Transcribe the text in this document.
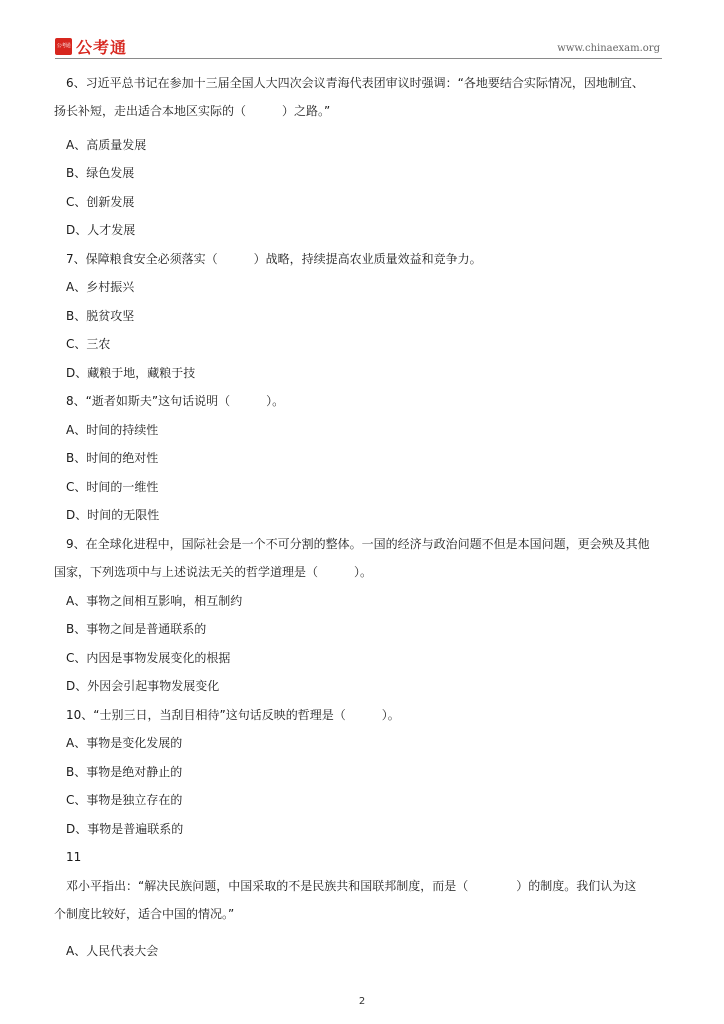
公考通 公考通	www.chinaexam.org
6、习近平总书记在参加十三届全国人大四次会议青海代表团审议时强调：“各地要结合实际情况，因地制宜、
扬长补短，走出适合本地区实际的（　　　）之路。”
A、高质量发展
B、绿色发展
C、创新发展
D、人才发展
7、保障粮食安全必须落实（　　　）战略，持续提高农业质量效益和竞争力。
A、乡村振兴
B、脱贫攻坚
C、三农
D、藏粮于地，藏粮于技
8、“逝者如斯夫”这句话说明（　　　）。
A、时间的持续性
B、时间的绝对性
C、时间的一维性
D、时间的无限性
9、在全球化进程中，国际社会是一个不可分割的整体。一国的经济与政治问题不但是本国问题，更会殃及其他
国家，下列选项中与上述说法无关的哲学道理是（　　　）。
A、事物之间相互影响，相互制约
B、事物之间是普通联系的
C、内因是事物发展变化的根据
D、外因会引起事物发展变化
10、“士别三日，当刮目相待”这句话反映的哲理是（　　　）。
A、事物是变化发展的
B、事物是绝对静止的
C、事物是独立存在的
D、事物是普遍联系的
11
邓小平指出：“解决民族问题，中国采取的不是民族共和国联邦制度，而是（　　　　）的制度。我们认为这
个制度比较好，适合中国的情况。”
A、人民代表大会
2
